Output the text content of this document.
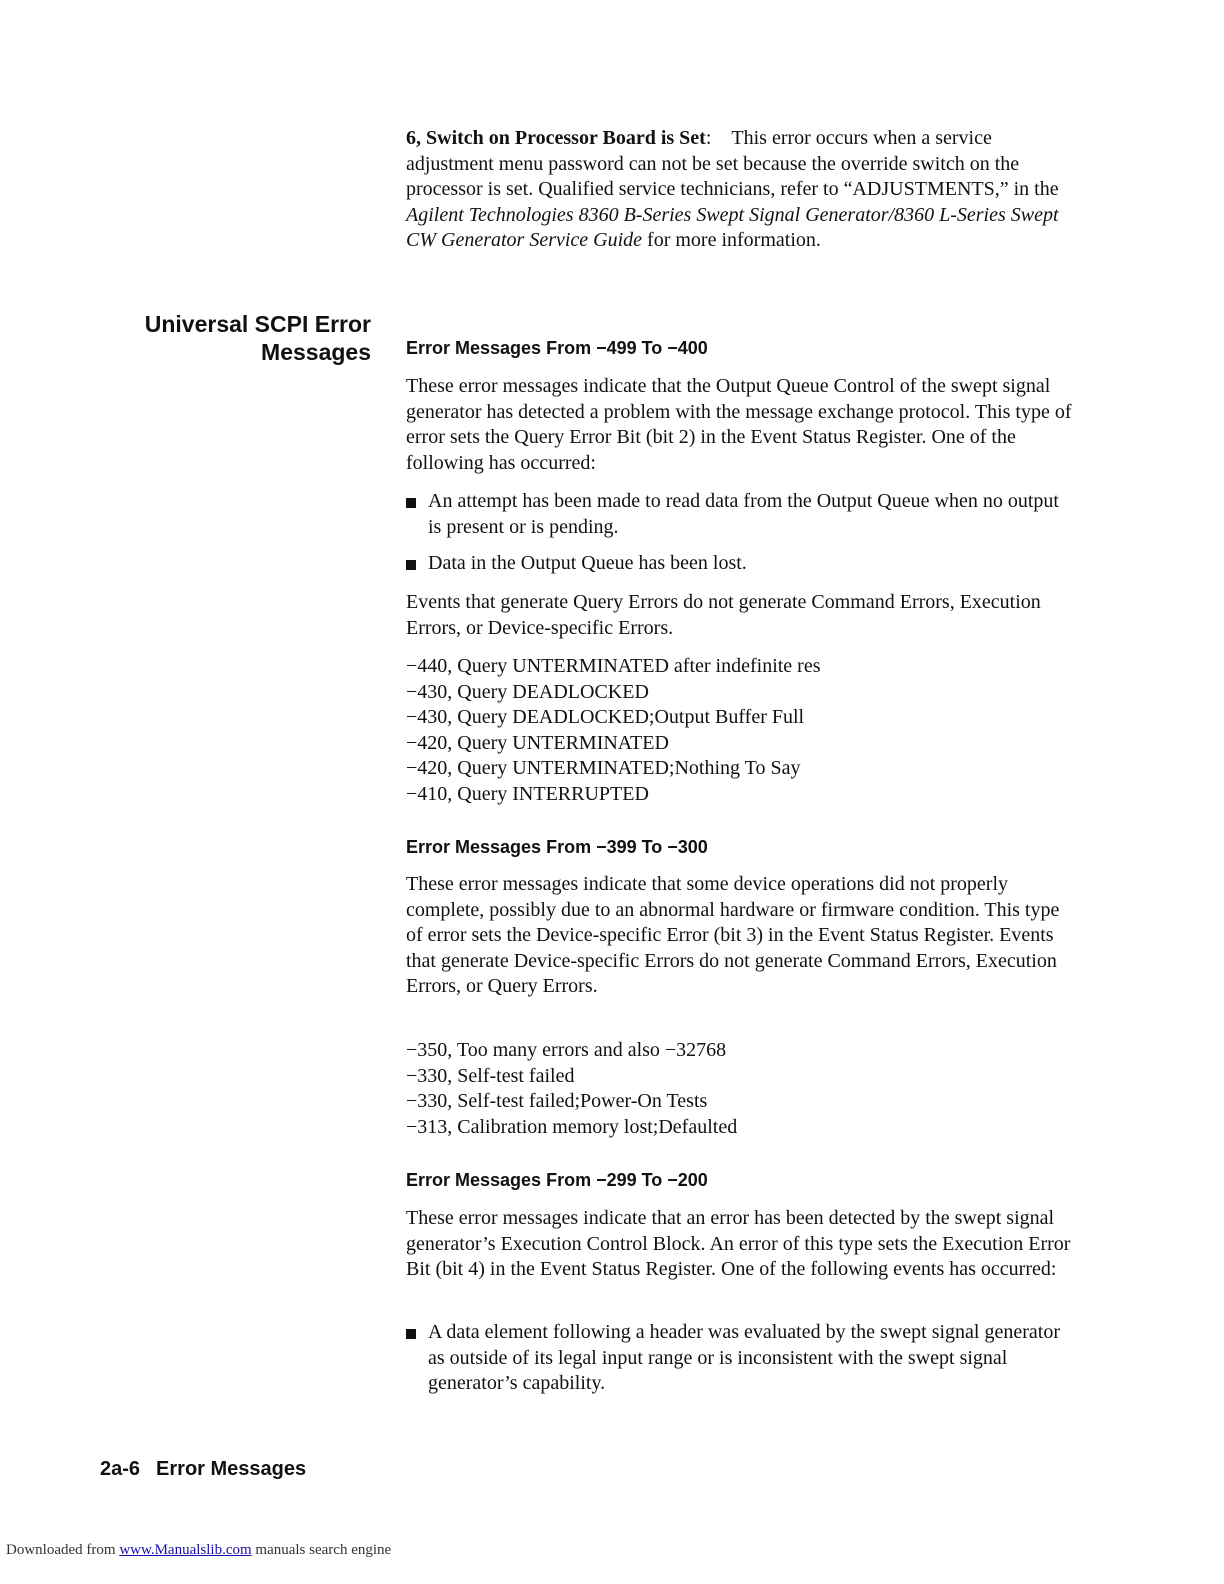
6, Switch on Processor Board is Set: This error occurs when a service adjustment menu password can not be set because the override switch on the processor is set. Qualified service technicians, refer to “ADJUSTMENTS,” in the Agilent Technologies 8360 B-Series Swept Signal Generator/8360 L-Series Swept CW Generator Service Guide for more information.
Universal SCPI Error
Messages Error Messages From −499 To −400

These error messages indicate that the Output Queue Control of the swept signal generator has detected a problem with the message exchange protocol. This type of error sets the Query Error Bit (bit 2) in the Event Status Register. One of the following has occurred:

An attempt has been made to read data from the Output Queue when no output is present or is pending.
Data in the Output Queue has been lost.

Events that generate Query Errors do not generate Command Errors, Execution Errors, or Device-specific Errors.

−440, Query UNTERMINATED after indefinite res
−430, Query DEADLOCKED
−430, Query DEADLOCKED;Output Buffer Full
−420, Query UNTERMINATED
−420, Query UNTERMINATED;Nothing To Say
−410, Query INTERRUPTED
Error Messages From −399 To −300

These error messages indicate that some device operations did not properly complete, possibly due to an abnormal hardware or firmware condition. This type of error sets the Device-specific Error (bit 3) in the Event Status Register. Events that generate Device-specific Errors do not generate Command Errors, Execution Errors, or Query Errors.

−350, Too many errors and also −32768
−330, Self-test failed
−330, Self-test failed;Power-On Tests
−313, Calibration memory lost;Defaulted
Error Messages From −299 To −200

These error messages indicate that an error has been detected by the swept signal generator’s Execution Control Block. An error of this type sets the Execution Error Bit (bit 4) in the Event Status Register. One of the following events has occurred:

A data element following a header was evaluated by the swept signal generator as outside of its legal input range or is inconsistent with the swept signal generator’s capability.
2a-6 Error Messages
Downloaded from www.Manualslib.com manuals search engine
